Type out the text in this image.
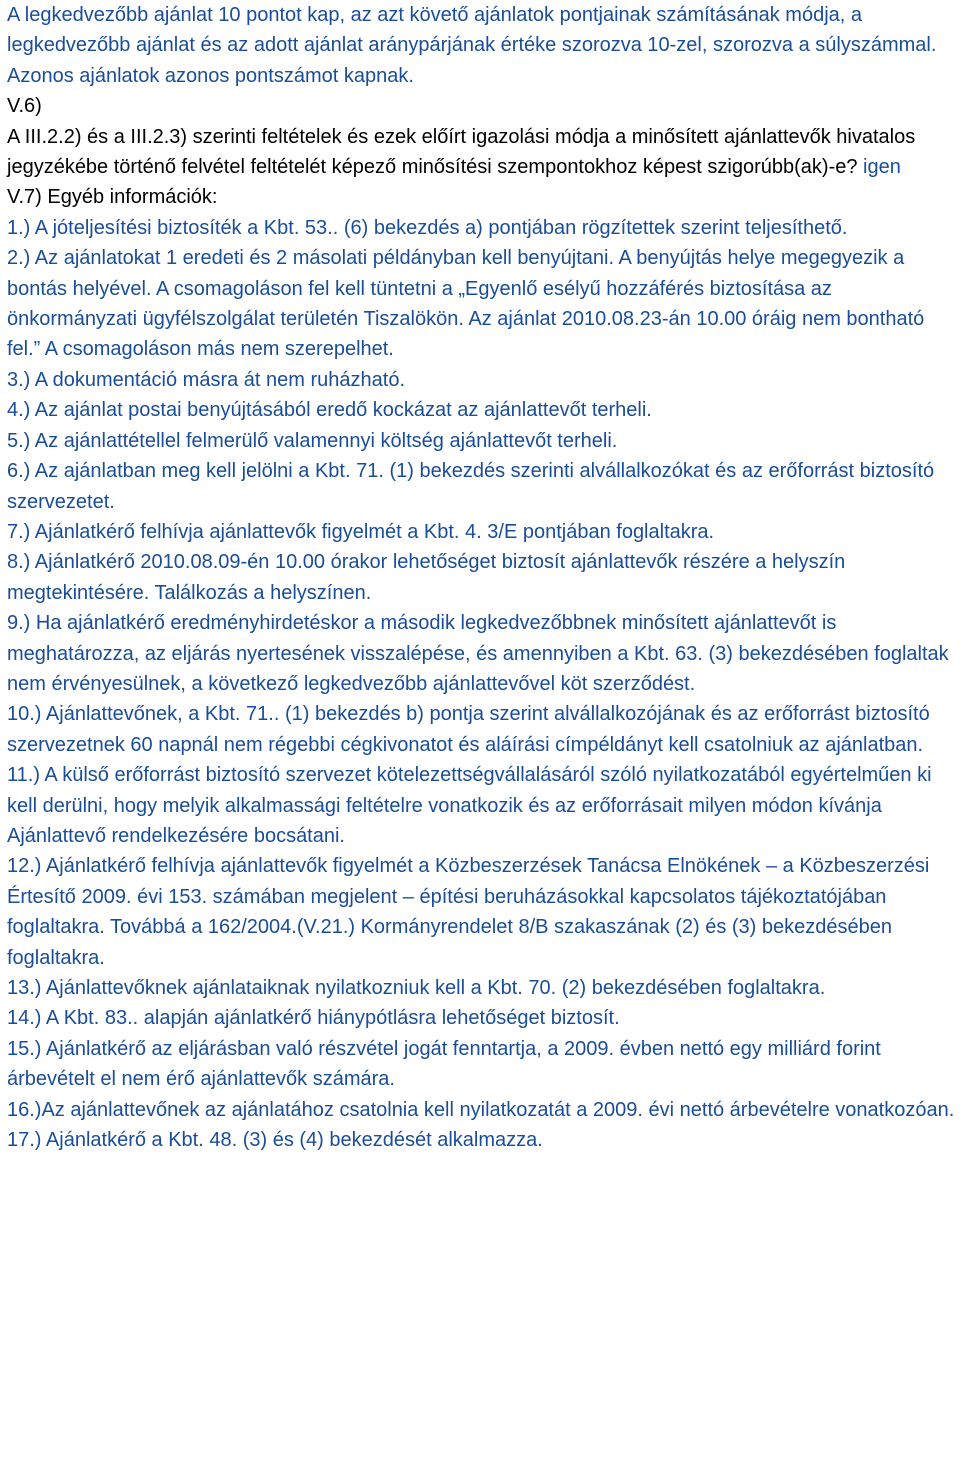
A legkedvezőbb ajánlat 10 pontot kap, az azt követő ajánlatok pontjainak számításának módja, a legkedvezőbb ajánlat és az adott ajánlat aránypárjának értéke szorozva 10-zel, szorozva a súlyszámmal. Azonos ajánlatok azonos pontszámot kapnak.

V.6)

A III.2.2) és a III.2.3) szerinti feltételek és ezek előírt igazolási módja a minősített ajánlattevők hivatalos jegyzékébe történő felvétel feltételét képező minősítési szempontokhoz képest szigorúbb(ak)-e? igen

V.7) Egyéb információk:

1.) A jóteljesítési biztosíték a Kbt. 53.. (6) bekezdés a) pontjában rögzítettek szerint teljesíthető.

2.) Az ajánlatokat 1 eredeti és 2 másolati példányban kell benyújtani. A benyújtás helye megegyezik a bontás helyével. A csomagoláson fel kell tüntetni a „Egyenlő esélyű hozzáférés biztosítása az önkormányzati ügyfélszolgálat területén Tiszalökön. Az ajánlat 2010.08.23-án 10.00 óráig nem bontható fel.” A csomagoláson más nem szerepelhet.

3.) A dokumentáció másra át nem ruházható.

4.) Az ajánlat postai benyújtásából eredő kockázat az ajánlattevőt terheli.

5.) Az ajánlattétellel felmerülő valamennyi költség ajánlattevőt terheli.

6.) Az ajánlatban meg kell jelölni a Kbt. 71. (1) bekezdés szerinti alvállalkozókat és az erőforrást biztosító szervezetet.

7.) Ajánlatkérő felhívja ajánlattevők figyelmét a Kbt. 4. 3/E pontjában foglaltakra.

8.) Ajánlatkérő 2010.08.09-én 10.00 órakor lehetőséget biztosít ajánlattevők részére a helyszín megtekintésére. Találkozás a helyszínen.

9.) Ha ajánlatkérő eredményhirdetéskor a második legkedvezőbbnek minősített ajánlattevőt is meghatározza, az eljárás nyertesének visszalépése, és amennyiben a Kbt. 63. (3) bekezdésében foglaltak nem érvényesülnek, a következő legkedvezőbb ajánlattevővel köt szerződést.

10.) Ajánlattevőnek, a Kbt. 71.. (1) bekezdés b) pontja szerint alvállalkozójának és az erőforrást biztosító szervezetnek 60 napnál nem régebbi cégkivonatot és aláírási címpéldányt kell csatolniuk az ajánlatban.

11.) A külső erőforrást biztosító szervezet kötelezettségvállalásáról szóló nyilatkozatából egyértelműen ki kell derülni, hogy melyik alkalmassági feltételre vonatkozik és az erőforrásait milyen módon kívánja Ajánlattevő rendelkezésére bocsátani.

12.) Ajánlatkérő felhívja ajánlattevők figyelmét a Közbeszerzések Tanácsa Elnökének – a Közbeszerzési Értesítő 2009. évi 153. számában megjelent – építési beruházásokkal kapcsolatos tájékoztatójában foglaltakra. Továbbá a 162/2004.(V.21.) Kormányrendelet 8/B szakaszának (2) és (3) bekezdésében foglaltakra.

13.) Ajánlattevőknek ajánlataiknak nyilatkozniuk kell a Kbt. 70. (2) bekezdésében foglaltakra.

14.) A Kbt. 83.. alapján ajánlatkérő hiánypótlásra lehetőséget biztosít.

15.) Ajánlatkérő az eljárásban való részvétel jogát fenntartja, a 2009. évben nettó egy milliárd forint árbevételt el nem érő ajánlattevők számára.

16.)Az ajánlattevőnek az ajánlatához csatolnia kell nyilatkozatát a 2009. évi nettó árbevételre vonatkozóan.

17.) Ajánlatkérő a Kbt. 48. (3) és (4) bekezdését alkalmazza.
